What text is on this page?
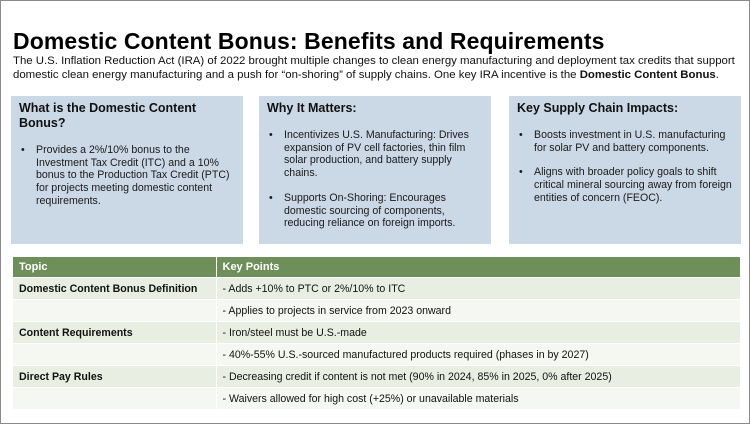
Domestic Content Bonus: Benefits and Requirements
The U.S. Inflation Reduction Act (IRA) of 2022 brought multiple changes to clean energy manufacturing and deployment tax credits that support domestic clean energy manufacturing and a push for “on-shoring” of supply chains. One key IRA incentive is the Domestic Content Bonus.
What is the Domestic Content Bonus?
•	Provides a 2%/10% bonus to the Investment Tax Credit (ITC) and a 10% bonus to the Production Tax Credit (PTC) for projects meeting domestic content requirements.
Why It Matters:
•	Incentivizes U.S. Manufacturing: Drives expansion of PV cell factories, thin film solar production, and battery supply chains.
•	Supports On-Shoring: Encourages domestic sourcing of components, reducing reliance on foreign imports.
Key Supply Chain Impacts:
•	Boosts investment in U.S. manufacturing for solar PV and battery components.
•	Aligns with broader policy goals to shift critical mineral sourcing away from foreign entities of concern (FEOC).
Topic	Key Points
Domestic Content Bonus Definition	- Adds +10% to PTC or 2%/10% to ITC
	- Applies to projects in service from 2023 onward
Content Requirements	- Iron/steel must be U.S.-made
	- 40%-55% U.S.-sourced manufactured products required (phases in by 2027)
Direct Pay Rules	- Decreasing credit if content is not met (90% in 2024, 85% in 2025, 0% after 2025)
	- Waivers allowed for high cost (+25%) or unavailable materials
